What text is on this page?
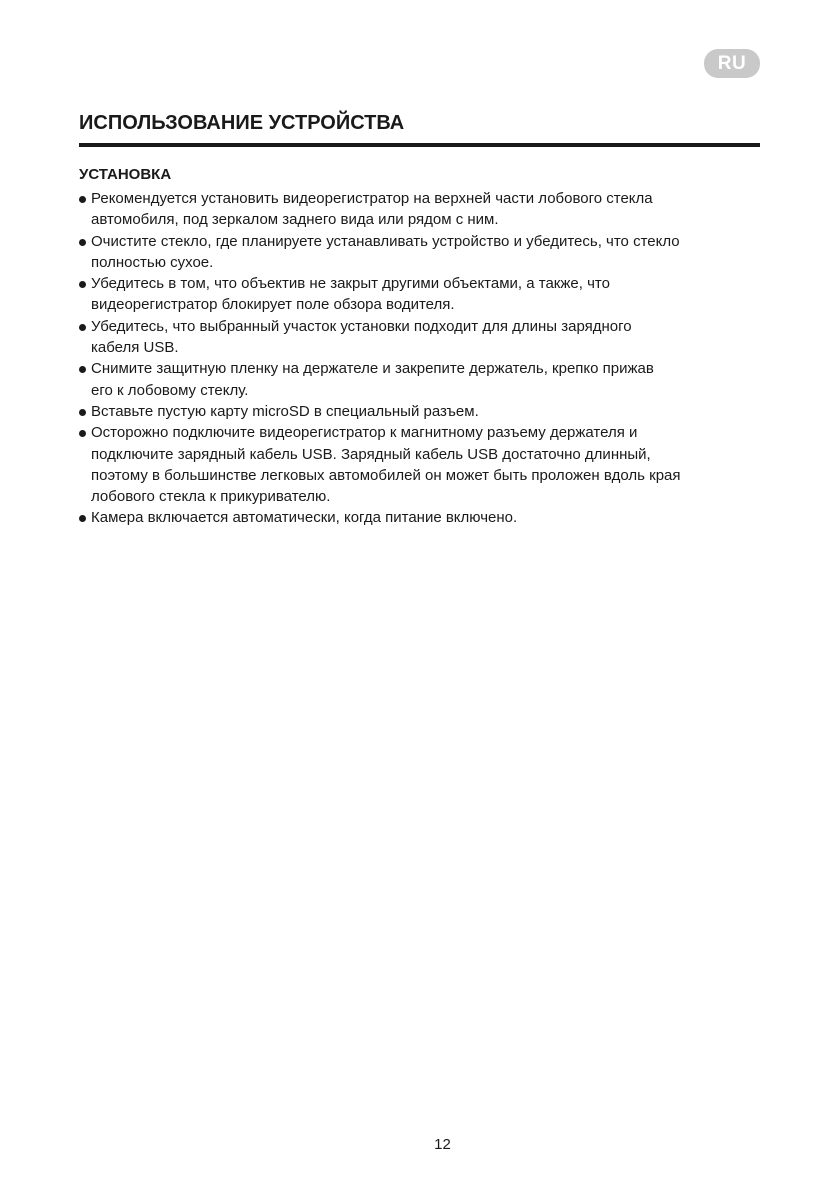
RU
ИСПОЛЬЗОВАНИЕ УСТРОЙСТВА
УСТАНОВКА
Рекомендуется установить видеорегистратор на верхней части лобового стекла
автомобиля, под зеркалом заднего вида или рядом с ним.
Очистите стекло, где планируете устанавливать устройство и убедитесь, что стекло
полностью сухое.
Убедитесь в том, что объектив не закрыт другими объектами, а также, что
видеорегистратор блокирует поле обзора водителя.
Убедитесь, что выбранный участок установки подходит для длины зарядного
кабеля USB.
Снимите защитную пленку на держателе и закрепите держатель, крепко прижав
его к лобовому стеклу.
Вставьте пустую карту microSD в специальный разъем.
Осторожно подключите видеорегистратор к магнитному разъему держателя и
подключите зарядный кабель USB. Зарядный кабель USB достаточно длинный,
поэтому в большинстве легковых автомобилей он может быть проложен вдоль края
лобового стекла к прикуривателю.
Камера включается автоматически, когда питание включено.
12
